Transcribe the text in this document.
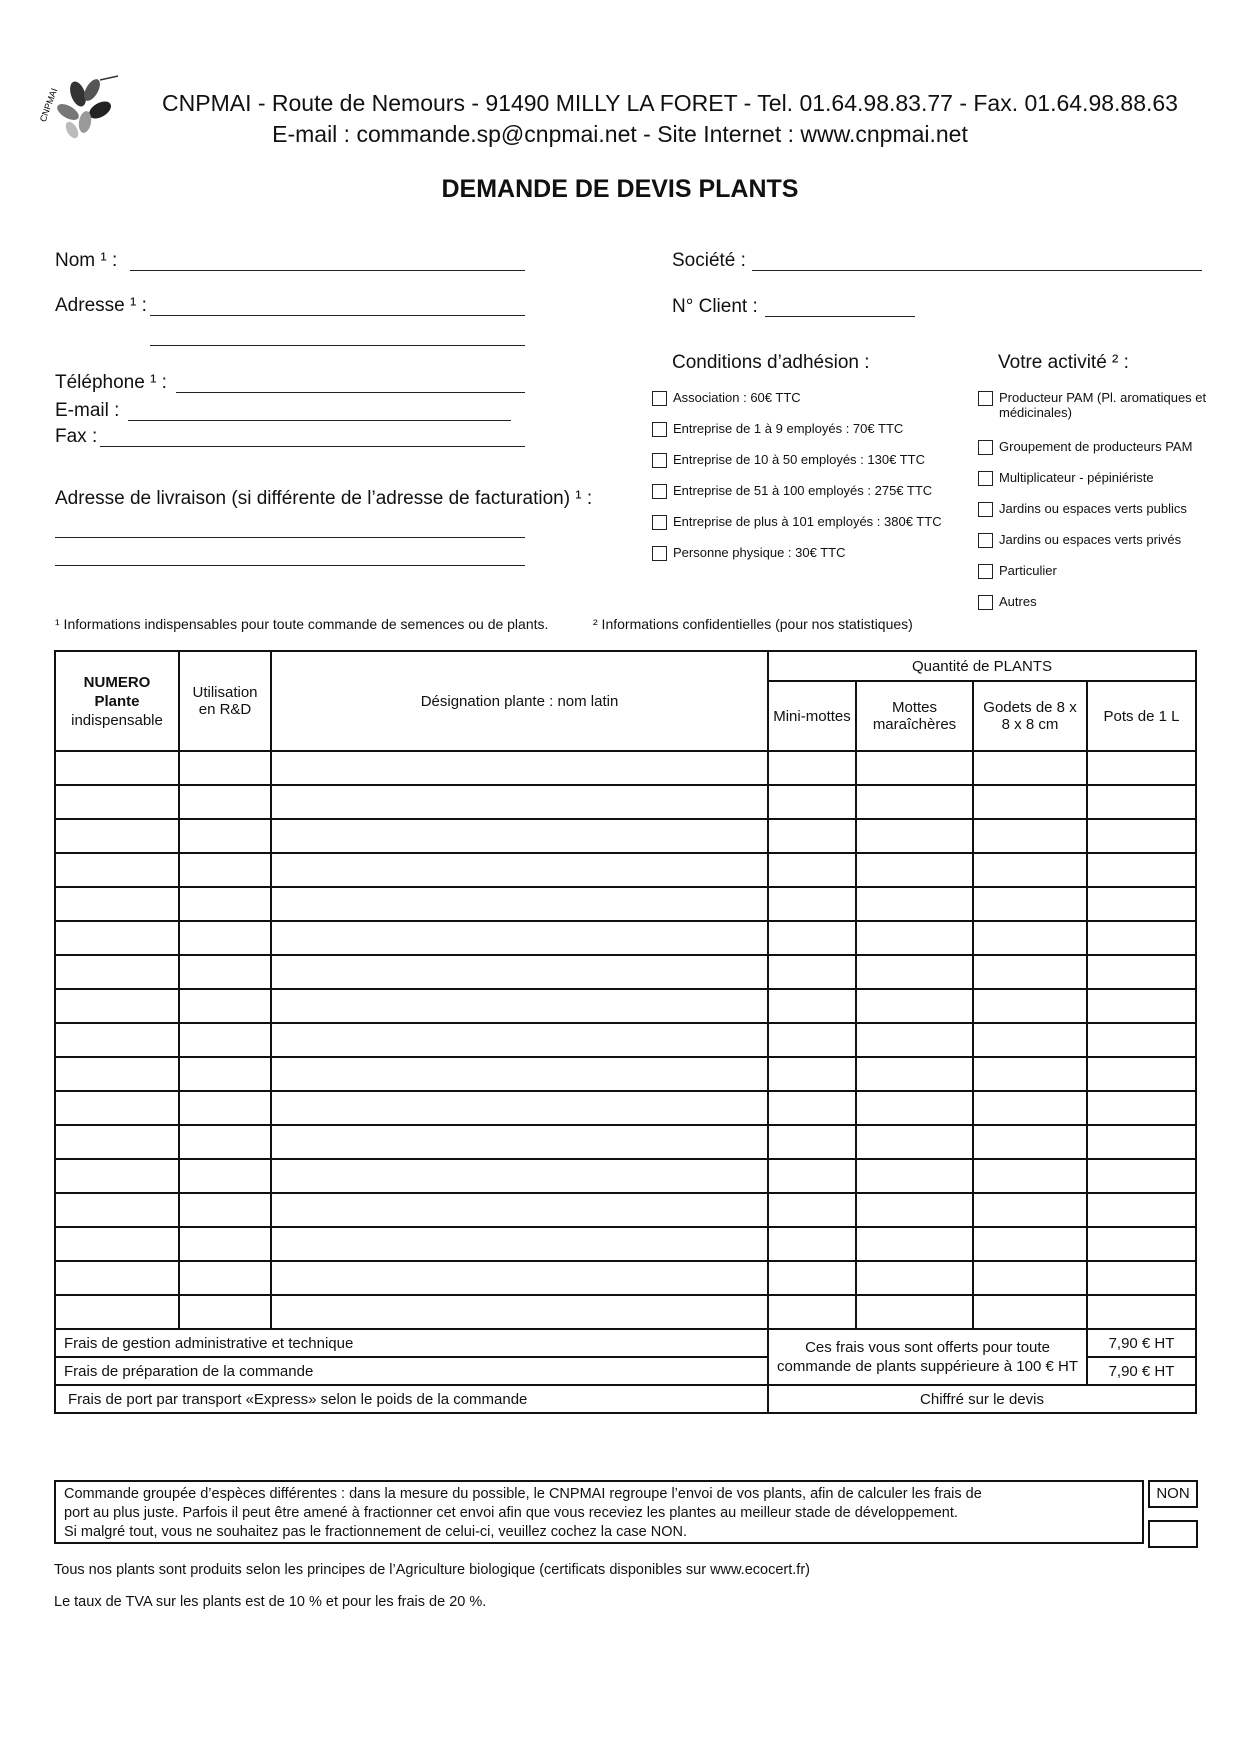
CNPMAI	CNPMAI - Route de Nemours - 91490 MILLY LA FORET - Tel. 01.64.98.83.77 - Fax. 01.64.98.88.63
E-mail : commande.sp@cnpmai.net - Site Internet : www.cnpmai.net
DEMANDE DE DEVIS PLANTS
Nom ¹ :
Adresse ¹ :
Téléphone ¹ :
E-mail :
Fax :
Adresse de livraison (si différente de l’adresse de facturation) ¹ :
Société :
N° Client :
Conditions d’adhésion :
Association : 60€ TTC
Entreprise de 1 à 9 employés : 70€ TTC
Entreprise de 10 à 50 employés : 130€ TTC
Entreprise de 51 à 100 employés : 275€ TTC
Entreprise de plus à 101 employés : 380€ TTC
Personne physique : 30€ TTC
Votre activité ² :
Producteur PAM (Pl. aromatiques et médicinales)
Groupement de producteurs PAM
Multiplicateur - pépiniériste
Jardins ou espaces verts publics
Jardins ou espaces verts privés
Particulier
Autres
¹ Informations indispensables pour toute commande de semences ou de plants.	² Informations confidentielles (pour nos statistiques)
NUMERO
Plante
indispensable	Utilisation en R&D	Désignation plante : nom latin	Quantité de PLANTS			
			Mini-mottes	Mottes maraîchères	Godets de 8 x 8 x 8 cm	Pots de 1 L

Frais de gestion administrative et technique			Ces frais vous sont offerts pour toute commande de plants suppérieure à 100 € HT			7,90 € HT
Frais de préparation de la commande						7,90 € HT
Frais de port par transport «Express» selon le poids de la commande			Chiffré sur le devis			
Commande groupée d’espèces différentes : dans la mesure du possible, le CNPMAI regroupe l’envoi de vos plants, afin de calculer les frais de
port au plus juste. Parfois il peut être amené à fractionner cet envoi afin que vous receviez les plantes au meilleur stade de développement.
Si malgré tout, vous ne souhaitez pas le fractionnement de celui-ci, veuillez cochez la case NON.
NON
Tous nos plants sont produits selon les principes de l’Agriculture biologique (certificats disponibles sur www.ecocert.fr)
Le taux de TVA sur les plants est de 10 % et pour les frais de 20 %.
